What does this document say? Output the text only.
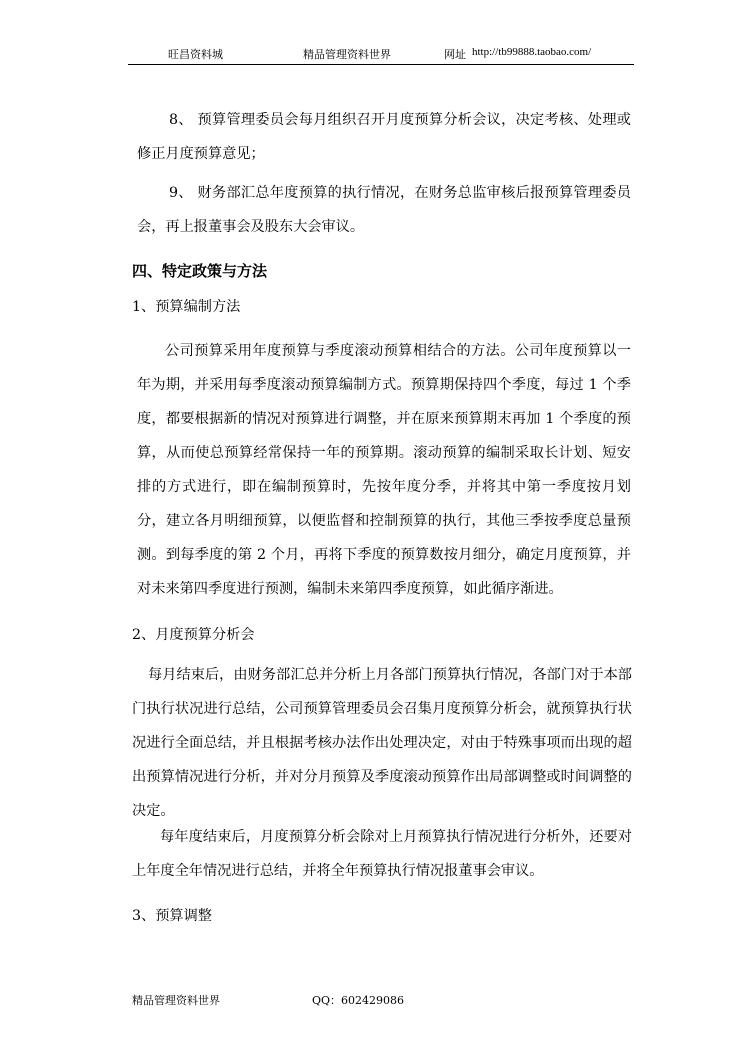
旺昌资料城	精品管理资料世界	网址 http://tb99888.taobao.com/
8、 预算管理委员会每月组织召开月度预算分析会议，决定考核、处理或修正月度预算意见；
9、 财务部汇总年度预算的执行情况，在财务总监审核后报预算管理委员会，再上报董事会及股东大会审议。
四、特定政策与方法
1、预算编制方法
公司预算采用年度预算与季度滚动预算相结合的方法。公司年度预算以一年为期，并采用每季度滚动预算编制方式。预算期保持四个季度，每过 1 个季度，都要根据新的情况对预算进行调整，并在原来预算期末再加 1 个季度的预算，从而使总预算经常保持一年的预算期。滚动预算的编制采取长计划、短安排的方式进行，即在编制预算时，先按年度分季，并将其中第一季度按月划分，建立各月明细预算，以便监督和控制预算的执行，其他三季按季度总量预测。到每季度的第 2 个月，再将下季度的预算数按月细分，确定月度预算，并对未来第四季度进行预测，编制未来第四季度预算，如此循序渐进。
2、月度预算分析会
每月结束后，由财务部汇总并分析上月各部门预算执行情况，各部门对于本部门执行状况进行总结，公司预算管理委员会召集月度预算分析会，就预算执行状况进行全面总结，并且根据考核办法作出处理决定，对由于特殊事项而出现的超出预算情况进行分析，并对分月预算及季度滚动预算作出局部调整或时间调整的决定。
每年度结束后，月度预算分析会除对上月预算执行情况进行分析外，还要对上年度全年情况进行总结，并将全年预算执行情况报董事会审议。
3、预算调整
精品管理资料世界	QQ：602429086
